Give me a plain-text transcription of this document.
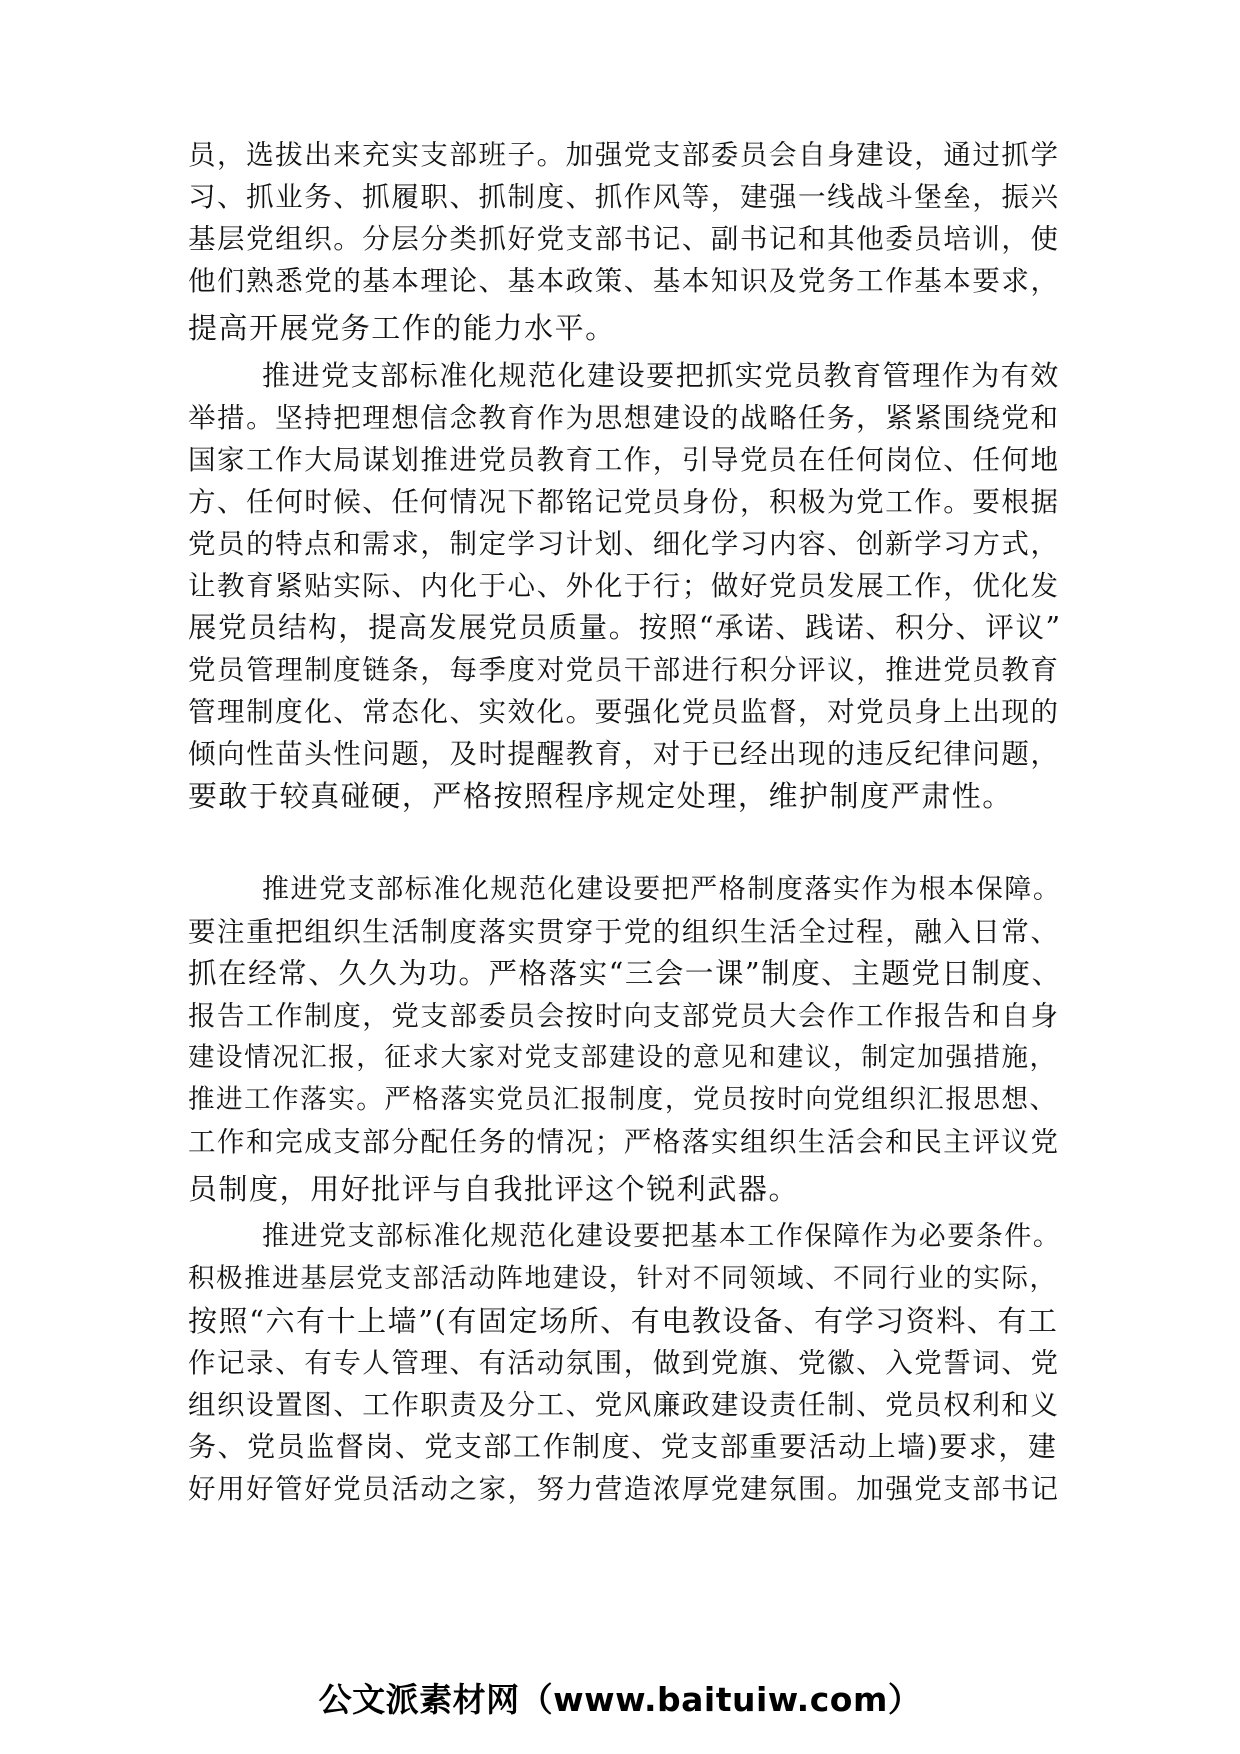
员，选拔出来充实支部班子。加强党支部委员会自身建设，通过抓学

习、抓业务、抓履职、抓制度、抓作风等，建强一线战斗堡垒，振兴

基层党组织。分层分类抓好党支部书记、副书记和其他委员培训，使

他们熟悉党的基本理论、基本政策、基本知识及党务工作基本要求，

提高开展党务工作的能力水平。

推进党支部标准化规范化建设要把抓实党员教育管理作为有效

举措。坚持把理想信念教育作为思想建设的战略任务，紧紧围绕党和

国家工作大局谋划推进党员教育工作，引导党员在任何岗位、任何地

方、任何时候、任何情况下都铭记党员身份，积极为党工作。要根据

党员的特点和需求，制定学习计划、细化学习内容、创新学习方式，

让教育紧贴实际、内化于心、外化于行；做好党员发展工作，优化发

展党员结构，提高发展党员质量。按照“承诺、践诺、积分、评议”

党员管理制度链条，每季度对党员干部进行积分评议，推进党员教育

管理制度化、常态化、实效化。要强化党员监督，对党员身上出现的

倾向性苗头性问题，及时提醒教育，对于已经出现的违反纪律问题，

要敢于较真碰硬，严格按照程序规定处理，维护制度严肃性。

推进党支部标准化规范化建设要把严格制度落实作为根本保障。

要注重把组织生活制度落实贯穿于党的组织生活全过程，融入日常、

抓在经常、久久为功。严格落实“三会一课”制度、主题党日制度、

报告工作制度，党支部委员会按时向支部党员大会作工作报告和自身

建设情况汇报，征求大家对党支部建设的意见和建议，制定加强措施，

推进工作落实。严格落实党员汇报制度，党员按时向党组织汇报思想、

工作和完成支部分配任务的情况；严格落实组织生活会和民主评议党

员制度，用好批评与自我批评这个锐利武器。

推进党支部标准化规范化建设要把基本工作保障作为必要条件。

积极推进基层党支部活动阵地建设，针对不同领域、不同行业的实际，

按照“六有十上墙”(有固定场所、有电教设备、有学习资料、有工

作记录、有专人管理、有活动氛围，做到党旗、党徽、入党誓词、党

组织设置图、工作职责及分工、党风廉政建设责任制、党员权利和义

务、党员监督岗、党支部工作制度、党支部重要活动上墙)要求，建

好用好管好党员活动之家，努力营造浓厚党建氛围。加强党支部书记

公文派素材网（www.baituiw.com）
